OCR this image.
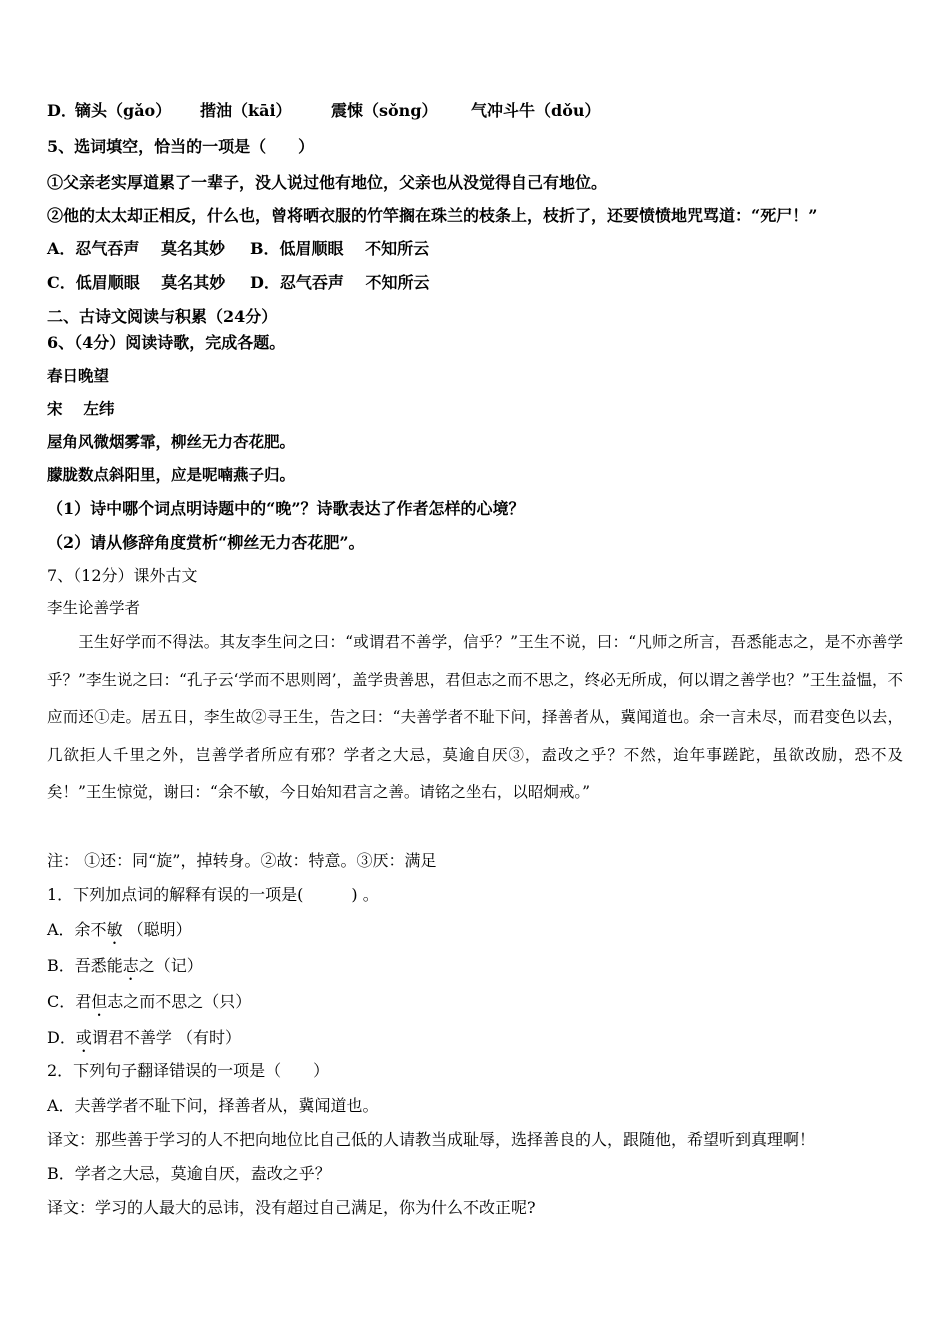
D．
镝头（gǎo） 揩油（kāi） 震悚（sǒng） 气冲斗牛（dǒu）
5、选词填空，恰当的一项是（　　）
①父亲老实厚道累了一辈子，没人说过他有地位，父亲也从没觉得自己有地位。
②他的太太却正相反，什么也，曾将晒衣服的竹竿搁在珠兰的枝条上，枝折了，还要愤愤地咒骂道：“死尸！”
A．忍气吞声　 莫名其妙 B．低眉顺眼　 不知所云
C．低眉顺眼　 莫名其妙 D．忍气吞声　 不知所云
二、古诗文阅读与积累（24分）
6、（4分）阅读诗歌，完成各题。
春日晚望
宋　 左纬
屋角风微烟雾霏，柳丝无力杏花肥。
朦胧数点斜阳里，应是呢喃燕子归。
（1）诗中哪个词点明诗题中的“晚”？诗歌表达了作者怎样的心境？
（2）请从修辞角度赏析“柳丝无力杏花肥”。
7、（12分）课外古文
李生论善学者
王生好学而不得法。其友李生问之曰：“或谓君不善学，信乎？”王生不说，曰：“凡师之所言，吾悉能志之，是不亦善学乎？”李生说之曰：“孔子云‘学而不思则罔’，盖学贵善思，君但志之而不思之，终必无所成，何以谓之善学也？”王生益愠，不应而还①走。居五日，李生故②寻王生，告之曰：“夫善学者不耻下问，择善者从，冀闻道也。余一言未尽，而君变色以去，几欲拒人千里之外，岂善学者所应有邪？学者之大忌，莫逾自厌③，盍改之乎？不然，迨年事蹉跎，虽欲改励，恐不及矣！”王生惊觉，谢曰：“余不敏，今日始知君言之善。请铭之坐右，以昭炯戒。”
注： ①还：同“旋”，掉转身。②故：特意。③厌：满足
1．下列加点词的解释有误的一项是(　　　) 。
A．余不敏 （聪明）
B．吾悉能志之（记）
C．君但志之而不思之（只）
D．或谓君不善学 （有时）
2．下列句子翻译错误的一项是（　　）
A．夫善学者不耻下问，择善者从，冀闻道也。
译文：那些善于学习的人不把向地位比自己低的人请教当成耻辱，选择善良的人，跟随他，希望听到真理啊！
B．学者之大忌，莫逾自厌，盍改之乎？
译文：学习的人最大的忌讳，没有超过自己满足，你为什么不改正呢?
